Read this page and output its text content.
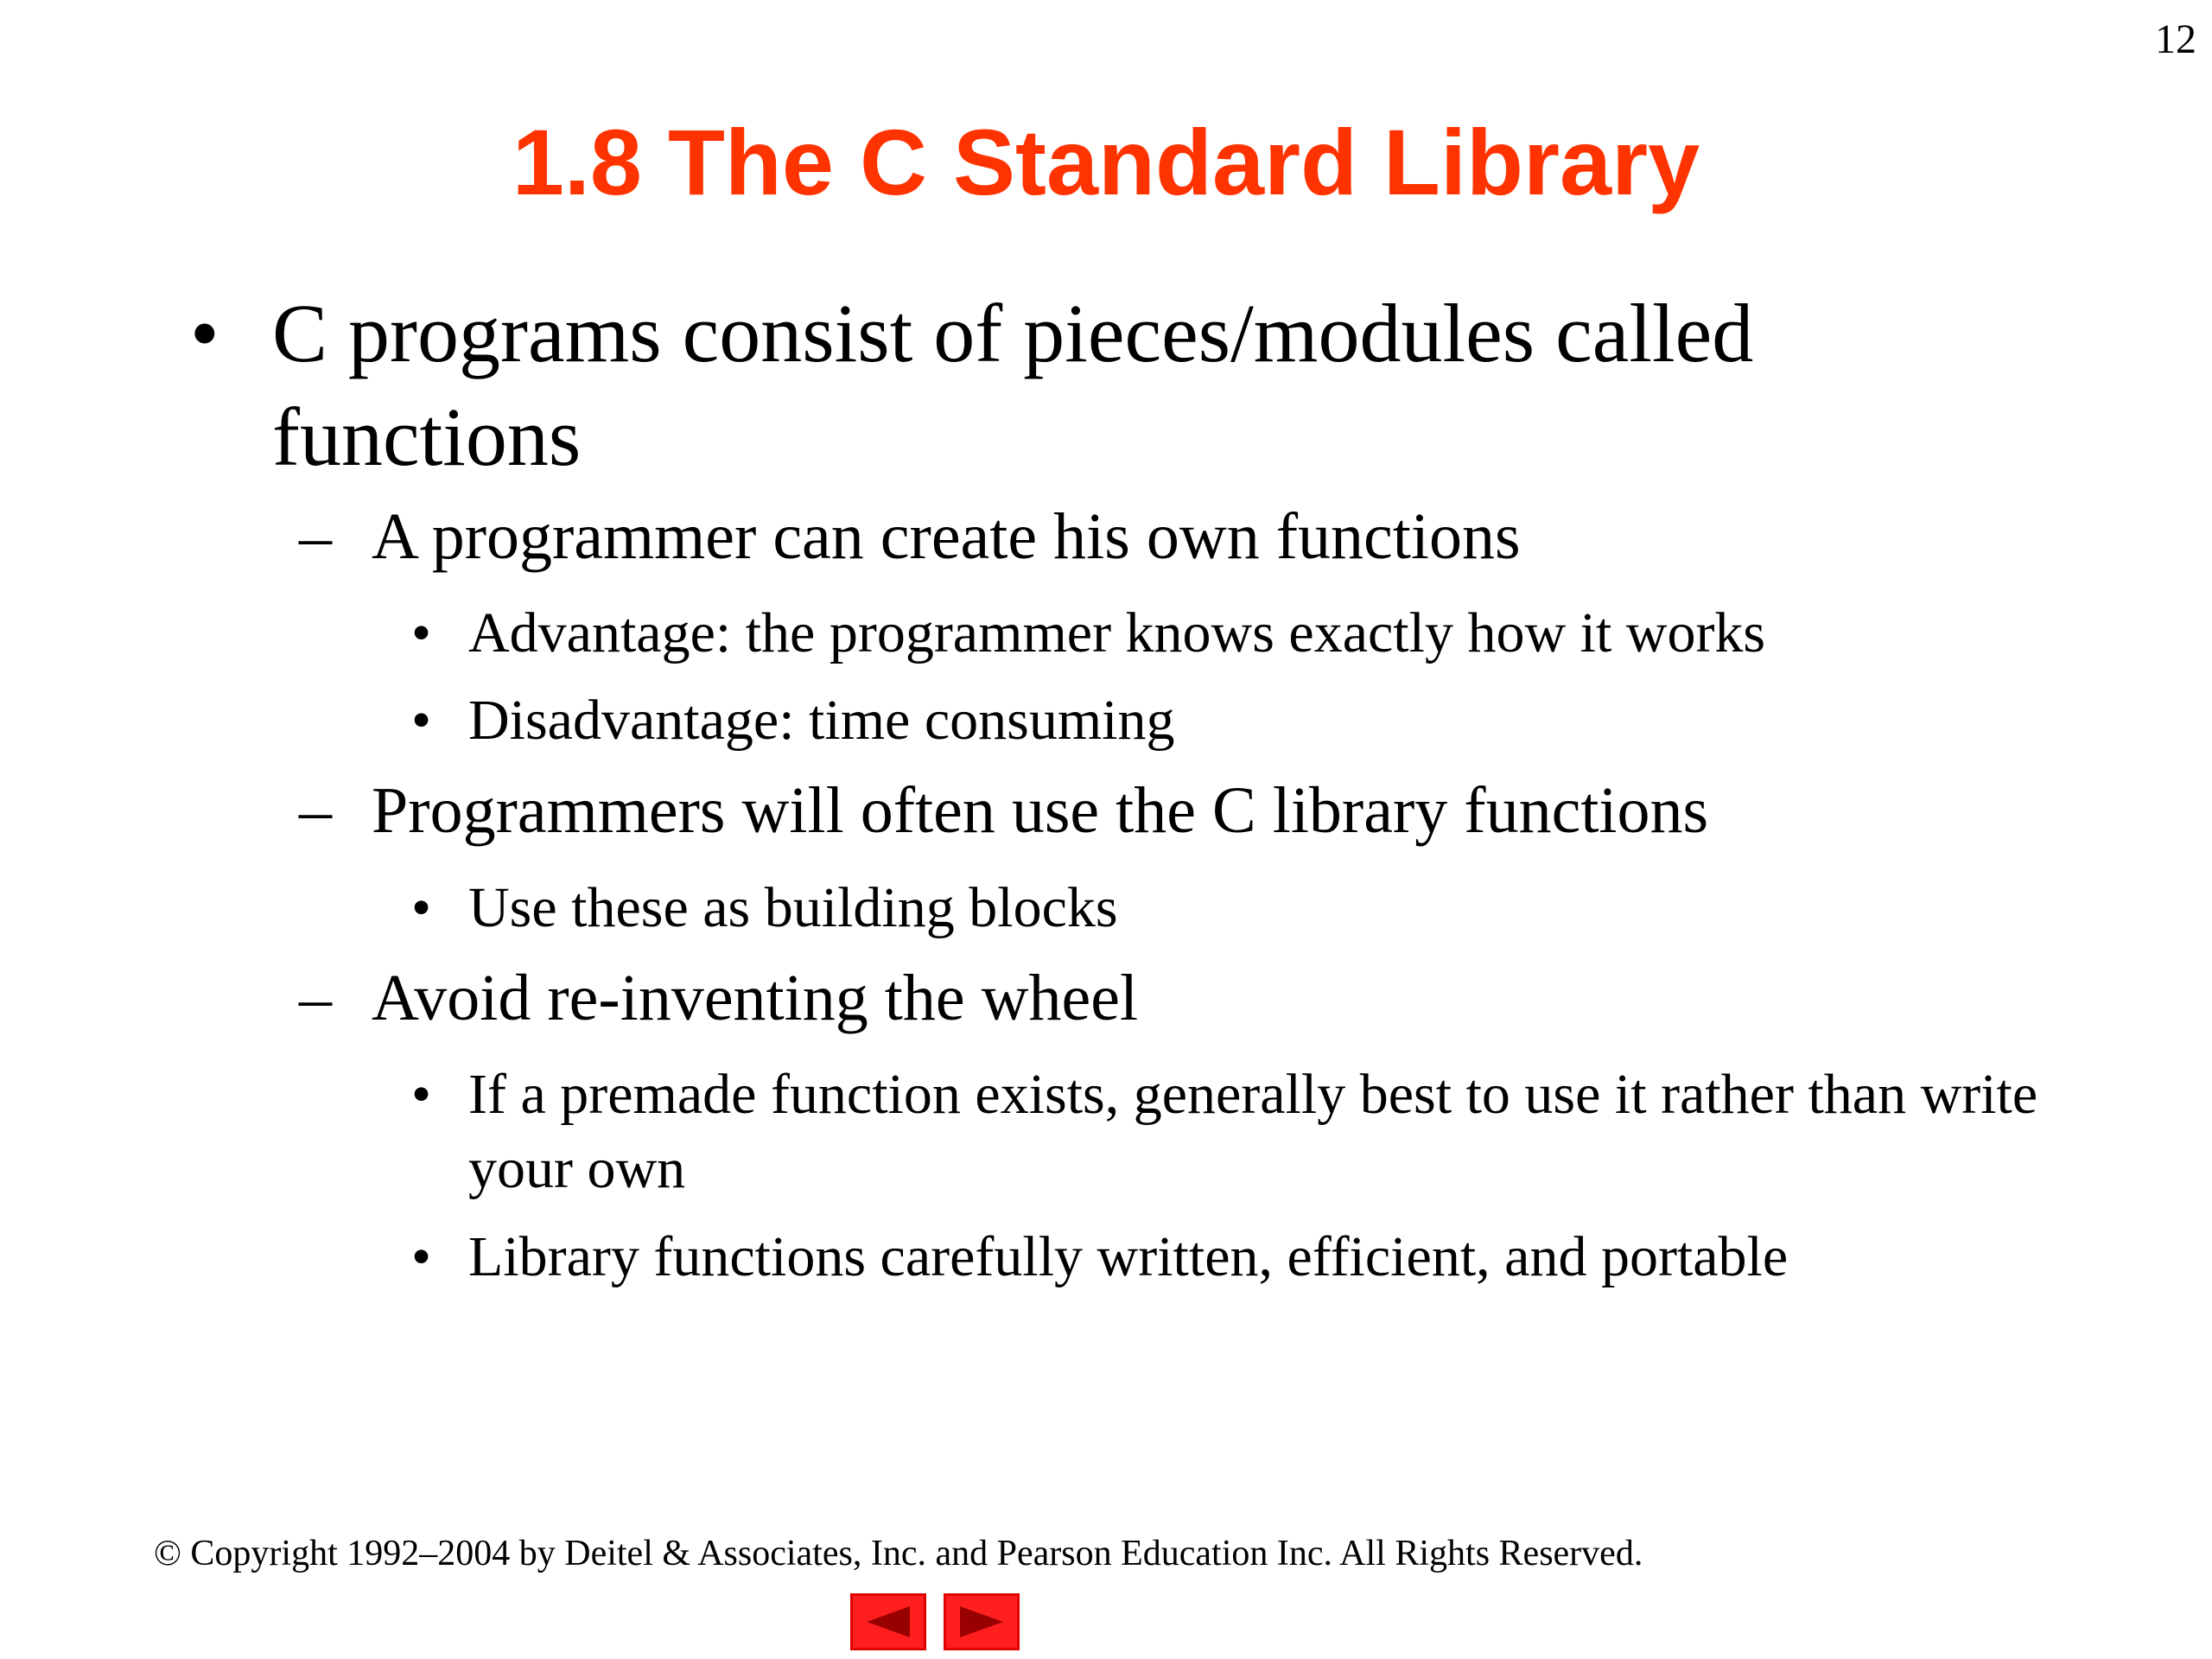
12
1.8 The C Standard Library
• C programs consist of pieces/modules called functions
– A programmer can create his own functions
• Advantage: the programmer knows exactly how it works
• Disadvantage: time consuming
– Programmers will often use the C library functions
• Use these as building blocks
– Avoid re-inventing the wheel
• If a premade function exists, generally best to use it rather than write your own
• Library functions carefully written, efficient, and portable
© Copyright 1992–2004 by Deitel & Associates, Inc. and Pearson Education Inc. All Rights Reserved.
